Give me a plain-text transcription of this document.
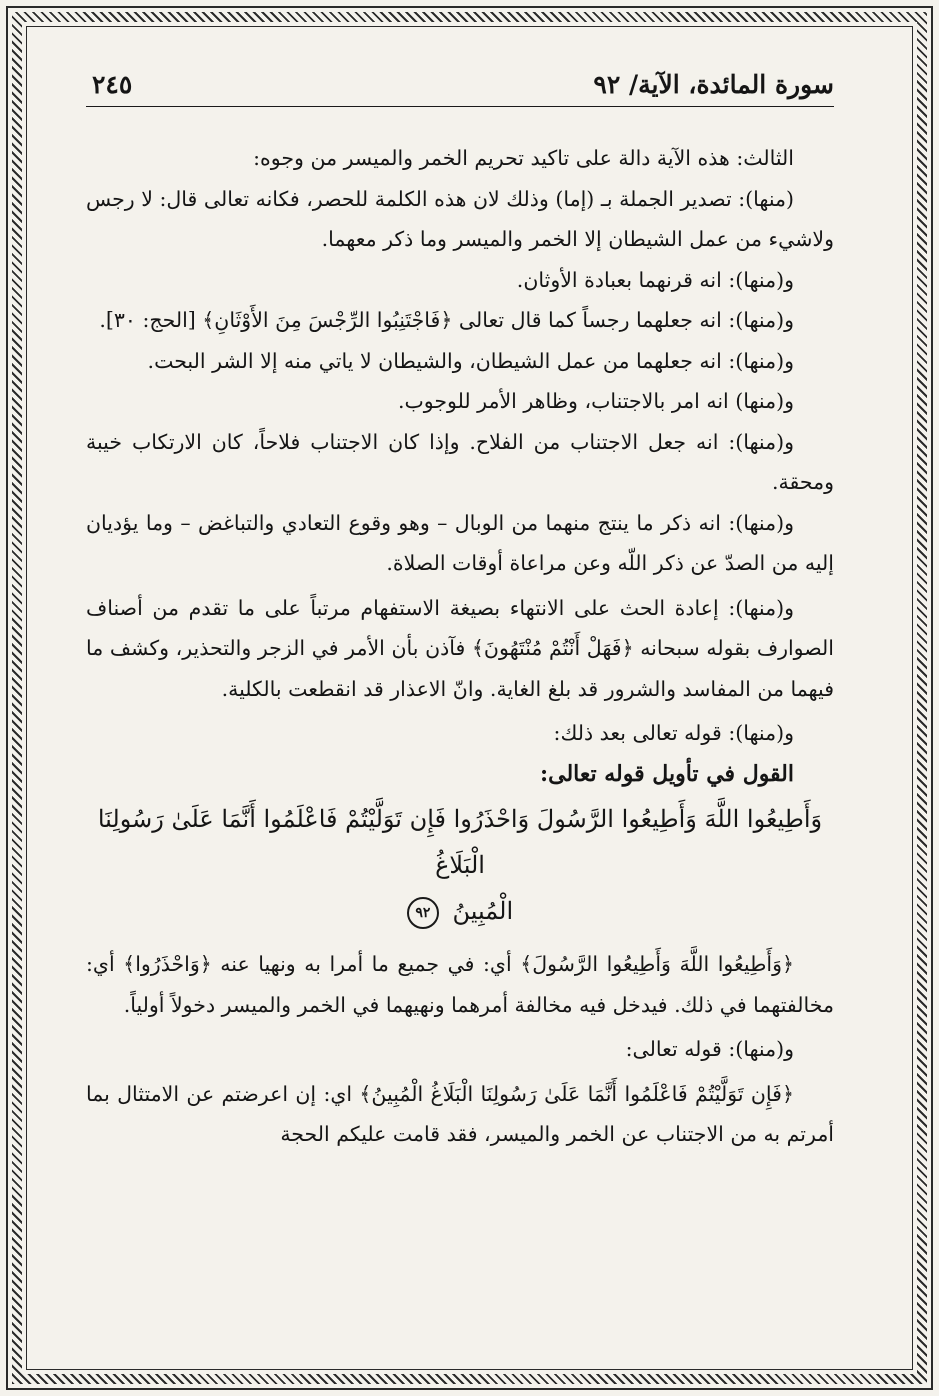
سورة المائدة، الآية/ ٩٢
٢٤٥

الثالث: هذه الآية دالة على تاكيد تحريم الخمر والميسر من وجوه:

(منها): تصدير الجملة بـ (إما) وذلك لان هذه الكلمة للحصر، فكانه تعالى قال: لا رجس ولاشيء من عمل الشيطان إلا الخمر والميسر وما ذكر معهما.

و(منها): انه قرنهما بعبادة الأوثان.

و(منها): انه جعلهما رجساً كما قال تعالى ﴿فَاجْتَنِبُوا الرِّجْسَ مِنَ الأَوْثَانِ﴾ [الحج: ٣٠].

و(منها): انه جعلهما من عمل الشيطان، والشيطان لا ياتي منه إلا الشر البحت.

و(منها) انه امر بالاجتناب، وظاهر الأمر للوجوب.

و(منها): انه جعل الاجتناب من الفلاح. وإذا كان الاجتناب فلاحاً، كان الارتكاب خيبة ومحقة.

و(منها): انه ذكر ما ينتج منهما من الوبال – وهو وقوع التعادي والتباغض – وما يؤديان إليه من الصدّ عن ذكر اللّه وعن مراعاة أوقات الصلاة.

و(منها): إعادة الحث على الانتهاء بصيغة الاستفهام مرتباً على ما تقدم من أصناف الصوارف بقوله سبحانه ﴿فَهَلْ أَنْتُمْ مُنْتَهُونَ﴾ فآذن بأن الأمر في الزجر والتحذير، وكشف ما فيهما من المفاسد والشرور قد بلغ الغاية. وانّ الاعذار قد انقطعت بالكلية.

و(منها): قوله تعالى بعد ذلك:

القول في تأويل قوله تعالى:

وَأَطِيعُوا اللَّهَ وَأَطِيعُوا الرَّسُولَ وَاحْذَرُوا فَإِن تَوَلَّيْتُمْ فَاعْلَمُوا أَنَّمَا عَلَىٰ رَسُولِنَا الْبَلَاغُ
الْمُبِينُ ٩٢

﴿وَأَطِيعُوا اللَّهَ وَأَطِيعُوا الرَّسُولَ﴾ أي: في جميع ما أمرا به ونهيا عنه ﴿وَاحْذَرُوا﴾ أي: مخالفتهما في ذلك. فيدخل فيه مخالفة أمرهما ونهيهما في الخمر والميسر دخولاً أولياً.

و(منها): قوله تعالى:

﴿فَإِن تَوَلَّيْتُمْ فَاعْلَمُوا أَنَّمَا عَلَىٰ رَسُولِنَا الْبَلَاغُ الْمُبِينُ﴾ اي: إن اعرضتم عن الامتثال بما أمرتم به من الاجتناب عن الخمر والميسر، فقد قامت عليكم الحجة
